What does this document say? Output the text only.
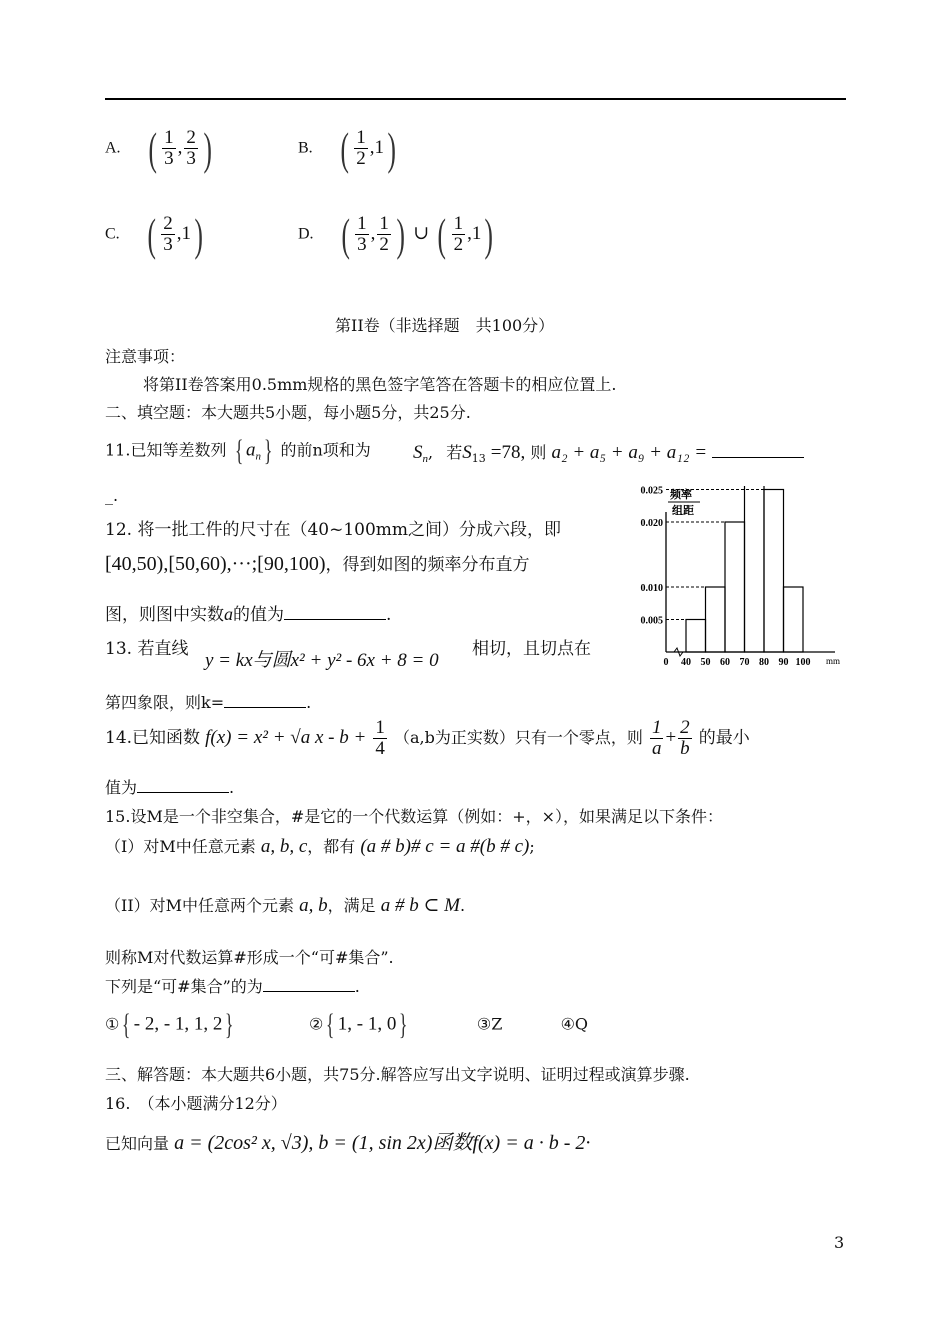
A. ( $\frac{1}{3}$ , $\frac{2}{3}$ )	B. ( $\frac{1}{2} ,1$)
C. ( $\frac{2}{3} ,1$)	D. ( $\frac{1}{3}$ , $\frac{1}{2}$ ) ∪ ( $\frac{1}{2} ,1$)
第II卷（非选择题　共100分）
注意事项：
将第II卷答案用0.5mm规格的黑色签字笔答在答题卡的相应位置上.
二、填空题：本大题共5小题，每小题5分，共25分.
11.已知等差数列 { $a_n$} 的前n项和为 $S_n$, 若$S_{13} =78$, 则 a₂ + a₅ + a₉ + a₁₂ =
_.
12. 将一批工件的尺寸在（40~100mm之间）分成六段，即
[40,50),[50,60),···;[90,100)，得到如图的频率分布直方
图，则图中实数a的值为	.
频率
组距
0.005
0.010
0.020
0.025
0 40 50 60 70 80 90 100 mm
13. 若直线
y = kx与圆x² + y² - 6x + 8 = 0
相切，且切点在
第四象限，则k=	.
14.已知函数 f(x) = x² + √a $x - b + \frac{1}{4} (a,b$为正实数）只有一个零点，则 $\frac{1}{a} + \frac{2}{b}$ 的最小
值为	.
15.设M是一个非空集合，#是它的一个代数运算（例如：+，×），如果满足以下条件：
（I）对M中任意元素 a, b, c，都有 (a # b)# c = a #(b # c);
（II）对M中任意两个元素 a, b，满足 a # b ⊂ M.
则称M对代数运算#形成一个“可#集合”.
下列是“可#集合”的为	.
①{ - 2, - 1, 1, 2}	②{ 1, - 1, 0}	③Z	④Q
三、解答题：本大题共6小题，共75分.解答应写出文字说明、证明过程或演算步骤.
16.　（本小题满分12分）
已知向量 a = (2cos² x, √3), b = (1, sin 2x)函数f(x) = a · b - 2·
3
